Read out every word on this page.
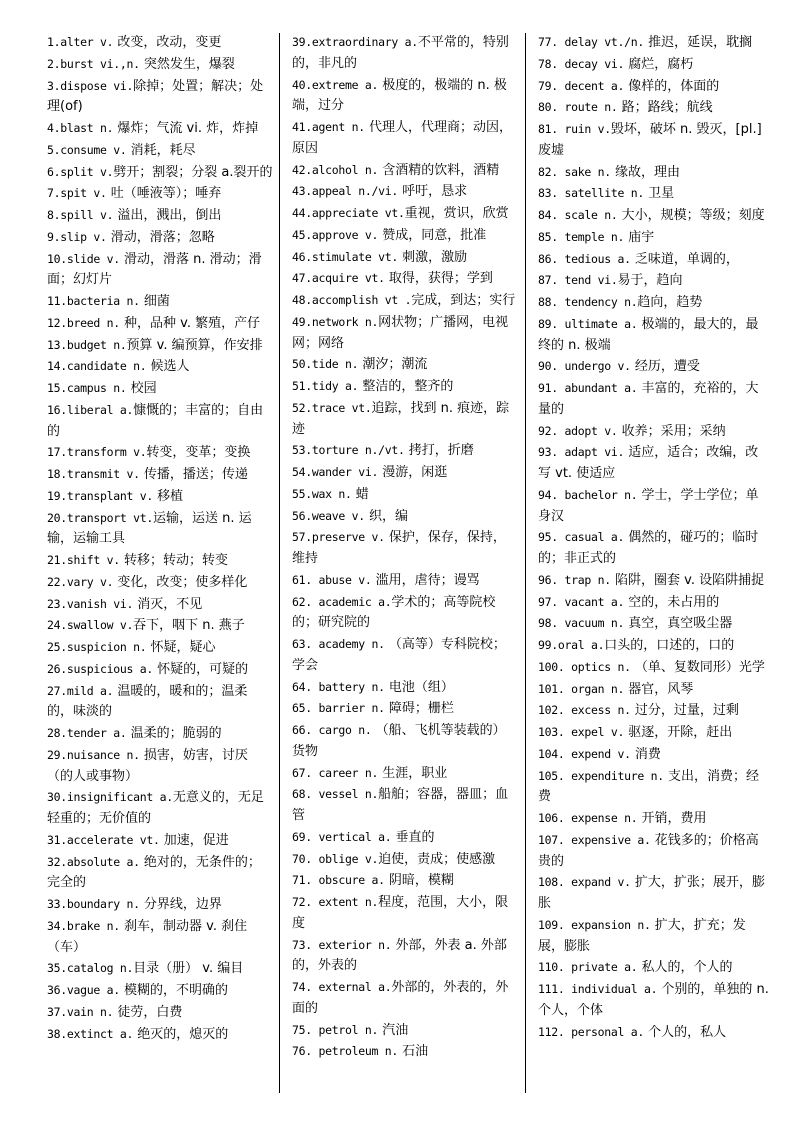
1.alter v. 改变，改动，变更

2.burst vi.,n. 突然发生，爆裂

3.dispose vi.除掉；处置；解决；处理(of)

4.blast n. 爆炸；气流 vi. 炸，炸掉

5.consume v. 消耗，耗尽

6.split v.劈开；割裂；分裂 a.裂开的

7.spit v. 吐（唾液等）；唾弃

8.spill v. 溢出，溅出，倒出

9.slip v. 滑动，滑落；忽略

10.slide v. 滑动，滑落 n. 滑动；滑面；幻灯片

11.bacteria n. 细菌

12.breed n. 种，品种 v. 繁殖，产仔

13.budget n.预算 v. 编预算，作安排

14.candidate n. 候选人

15.campus n. 校园

16.liberal a.慷慨的；丰富的；自由的

17.transform v.转变，变革；变换

18.transmit v. 传播，播送；传递

19.transplant v. 移植

20.transport vt.运输，运送 n. 运输，运输工具

21.shift v. 转移；转动；转变

22.vary v. 变化，改变；使多样化

23.vanish vi. 消灭，不见

24.swallow v.吞下，咽下 n. 燕子

25.suspicion n. 怀疑，疑心

26.suspicious a. 怀疑的，可疑的

27.mild a. 温暖的，暖和的；温柔的，味淡的

28.tender a. 温柔的；脆弱的

29.nuisance n. 损害，妨害，讨厌（的人或事物）

30.insignificant a.无意义的，无足轻重的；无价值的

31.accelerate vt. 加速，促进

32.absolute a. 绝对的，无条件的；完全的

33.boundary n. 分界线，边界

34.brake n. 刹车，制动器 v. 刹住（车）

35.catalog n.目录（册） v. 编目

36.vague a. 模糊的，不明确的

37.vain n. 徒劳，白费

38.extinct a. 绝灭的，熄灭的

39.extraordinary a.不平常的，特别的，非凡的

40.extreme a. 极度的，极端的 n. 极端，过分

41.agent n. 代理人，代理商；动因，原因

42.alcohol n. 含酒精的饮料，酒精

43.appeal n./vi. 呼吁，恳求

44.appreciate vt.重视，赏识，欣赏

45.approve v. 赞成，同意，批准

46.stimulate vt. 刺激，激励

47.acquire vt. 取得，获得；学到

48.accomplish vt .完成，到达；实行

49.network n.网状物；广播网，电视网；网络

50.tide n. 潮汐；潮流

51.tidy a. 整洁的，整齐的

52.trace vt.追踪，找到 n. 痕迹，踪迹

53.torture n./vt. 拷打，折磨

54.wander vi. 漫游，闲逛

55.wax n. 蜡

56.weave v. 织，编

57.preserve v. 保护，保存，保持，维持

61. abuse v. 滥用，虐待；谩骂

62. academic a.学术的；高等院校的；研究院的

63. academy n. （高等）专科院校；学会

64. battery n. 电池（组）

65. barrier n. 障碍；栅栏

66. cargo n. （船、飞机等装载的）货物

67. career n. 生涯，职业

68. vessel n.船舶；容器，器皿；血管

69. vertical a. 垂直的

70. oblige v.迫使，责成；使感激

71. obscure a. 阴暗，模糊

72. extent n.程度，范围，大小，限度

73. exterior n. 外部，外表 a. 外部的，外表的

74. external a.外部的，外表的，外面的

75. petrol n. 汽油

76. petroleum n. 石油

77. delay vt./n. 推迟，延误，耽搁

78. decay vi. 腐烂，腐朽

79. decent a. 像样的，体面的

80. route n. 路；路线；航线

81. ruin v.毁坏，破坏 n. 毁灭，[pl.]废墟

82. sake n. 缘故，理由

83. satellite n. 卫星

84. scale n. 大小，规模；等级；刻度

85. temple n. 庙宇

86. tedious a. 乏味道，单调的，

87. tend vi.易于，趋向

88. tendency n.趋向，趋势

89. ultimate a. 极端的，最大的，最终的 n. 极端

90. undergo v. 经历，遭受

91. abundant a. 丰富的，充裕的，大量的

92. adopt v. 收养；采用；采纳

93. adapt vi. 适应，适合；改编，改写 vt. 使适应

94. bachelor n. 学士，学士学位；单身汉

95. casual a. 偶然的，碰巧的；临时的；非正式的

96. trap n. 陷阱，圈套 v. 设陷阱捕捉

97. vacant a. 空的，未占用的

98. vacuum n. 真空，真空吸尘器

99.oral a.口头的，口述的，口的

100. optics n. （单、复数同形）光学

101. organ n. 器官，风琴

102. excess n. 过分，过量，过剩

103. expel v. 驱逐，开除，赶出

104. expend v. 消费

105. expenditure n. 支出，消费；经费

106. expense n. 开销，费用

107. expensive a. 花钱多的；价格高贵的

108. expand v. 扩大，扩张；展开，膨胀

109. expansion n. 扩大，扩充；发展，膨胀

110. private a. 私人的，个人的

111. individual a. 个别的，单独的 n. 个人，个体

112. personal a. 个人的，私人
